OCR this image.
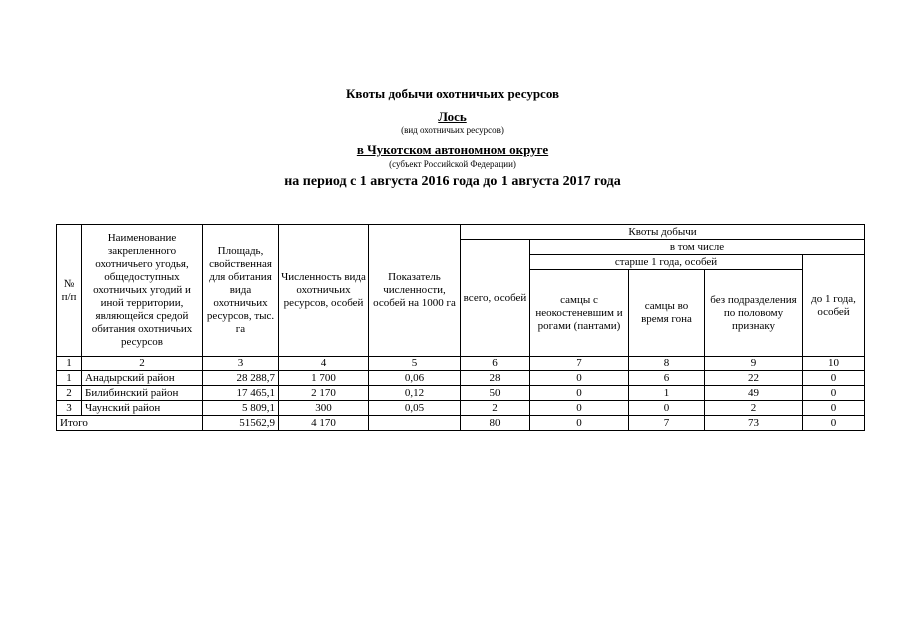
Квоты добычи охотничьих ресурсов
Лось
(вид охотничьих ресурсов)
в Чукотском автономном округе
(субъект Российской Федерации)
на период с 1 августа 2016 года до 1 августа 2017 года
№ п/п	Наименование закрепленного охотничьего угодья, общедоступных охотничьих угодий и иной территории, являющейся средой обитания охотничьих ресурсов	Площадь, свойственная для обитания вида охотничьих ресурсов, тыс. га	Численность вида охотничьих ресурсов, особей	Показатель численности, особей на 1000 га	Квоты добычи				
					всего, особей	в том числе			
						старше 1 года, особей			до 1 года, особей
						самцы с неокостеневшим и рогами (пантами)	самцы во время гона	без подразделения по половому признаку	
1	2	3	4	5	6	7	8	9	10
1	Анадырский район	28 288,7	1 700	0,06	28	0	6	22	0
2	Билибинский район	17 465,1	2 170	0,12	50	0	1	49	0
3	Чаунский район	5 809,1	300	0,05	2	0	0	2	0
Итого		51562,9	4 170		80	0	7	73	0
